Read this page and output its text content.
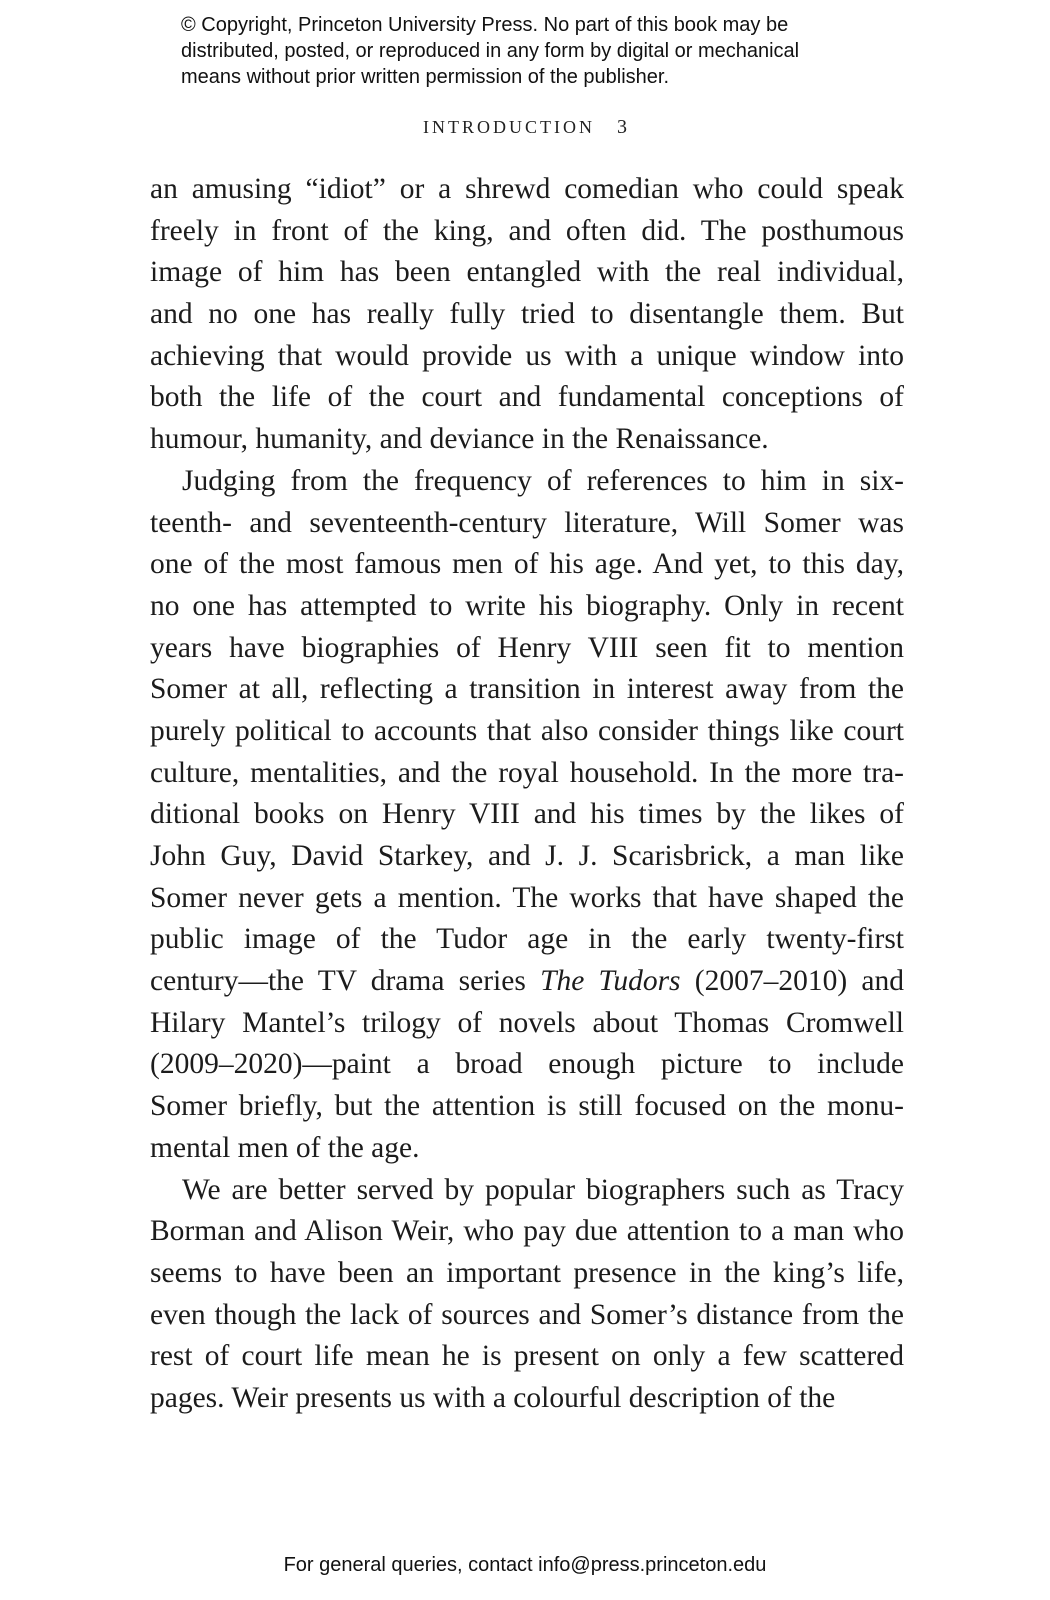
© Copyright, Princeton University Press. No part of this book may be
distributed, posted, or reproduced in any form by digital or mechanical
means without prior written permission of the publisher.
INTRODUCTION 3
an amusing “idiot” or a shrewd comedian who could speak
freely in front of the king, and often did. The posthumous
image of him has been entangled with the real individual,
and no one has really fully tried to disentangle them. But
achieving that would provide us with a unique window into
both the life of the court and fundamental conceptions of
humour, humanity, and deviance in the Renaissance.
Judging from the frequency of references to him in six-
teenth- and seventeenth-century literature, Will Somer was
one of the most famous men of his age. And yet, to this day,
no one has attempted to write his biography. Only in recent
years have biographies of Henry VIII seen fit to mention
Somer at all, reflecting a transition in interest away from the
purely political to accounts that also consider things like court
culture, mentalities, and the royal household. In the more tra-
ditional books on Henry VIII and his times by the likes of
John Guy, David Starkey, and J. J. Scarisbrick, a man like
Somer never gets a mention. The works that have shaped the
public image of the Tudor age in the early twenty-first
century—the TV drama series The Tudors (2007–2010) and
Hilary Mantel’s trilogy of novels about Thomas Cromwell
(2009–2020)—paint a broad enough picture to include
Somer briefly, but the attention is still focused on the monu-
mental men of the age.
We are better served by popular biographers such as Tracy
Borman and Alison Weir, who pay due attention to a man who
seems to have been an important presence in the king’s life,
even though the lack of sources and Somer’s distance from the
rest of court life mean he is present on only a few scattered
pages. Weir presents us with a colourful description of the
For general queries, contact info@press.princeton.edu
